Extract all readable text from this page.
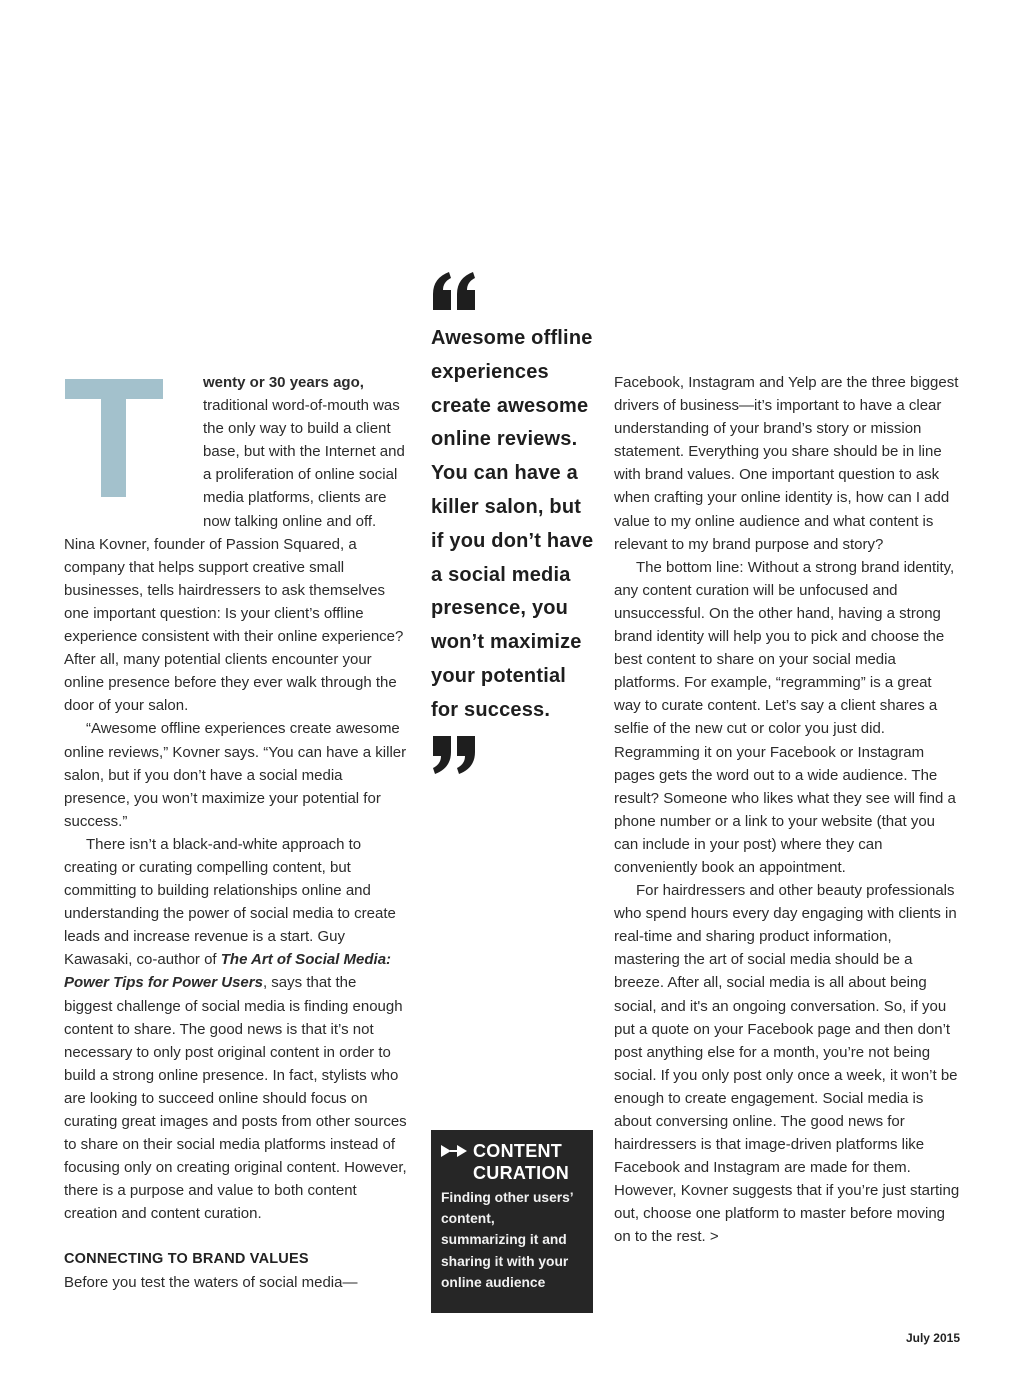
wenty or 30 years ago, traditional word-of-mouth was the only way to build a client base, but with the Internet and a proliferation of online social media platforms, clients are now talking online and off. Nina Kovner, founder of Passion Squared, a company that helps support creative small businesses, tells hairdressers to ask themselves one important question: Is your client’s offline experience consistent with their online experience? After all, many potential clients encounter your online presence before they ever walk through the door of your salon.

“Awesome offline experiences create awesome online reviews,” Kovner says. “You can have a killer salon, but if you don’t have a social media presence, you won’t maximize your potential for success.”

There isn’t a black-and-white approach to creating or curating compelling content, but committing to building relationships online and understanding the power of social media to create leads and increase revenue is a start. Guy Kawasaki, co-author of The Art of Social Media: Power Tips for Power Users, says that the biggest challenge of social media is finding enough content to share. The good news is that it’s not necessary to only post original content in order to build a strong online presence. In fact, stylists who are looking to succeed online should focus on curating great images and posts from other sources to share on their social media platforms instead of focusing only on creating original content. However, there is a purpose and value to both content creation and content curation.

CONNECTING TO BRAND VALUES

Before you test the waters of social media—

Awesome offline experiences create awesome online reviews. You can have a killer salon, but if you don’t have a social media presence, you won’t maximize your potential for success.

CONTENT CURATION
Finding other users’ content, summarizing it and sharing it with your online audience

Facebook, Instagram and Yelp are the three biggest drivers of business—it’s important to have a clear understanding of your brand’s story or mission statement. Everything you share should be in line with brand values. One important question to ask when crafting your online identity is, how can I add value to my online audience and what content is relevant to my brand purpose and story?

The bottom line: Without a strong brand identity, any content curation will be unfocused and unsuccessful. On the other hand, having a strong brand identity will help you to pick and choose the best content to share on your social media platforms. For example, “regramming” is a great way to curate content. Let’s say a client shares a selfie of the new cut or color you just did. Regramming it on your Facebook or Instagram pages gets the word out to a wide audience. The result? Someone who likes what they see will find a phone number or a link to your website (that you can include in your post) where they can conveniently book an appointment.

For hairdressers and other beauty professionals who spend hours every day engaging with clients in real-time and sharing product information, mastering the art of social media should be a breeze. After all, social media is all about being social, and it's an ongoing conversation. So, if you put a quote on your Facebook page and then don’t post anything else for a month, you’re not being social. If you only post only once a week, it won’t be enough to create engagement. Social media is about conversing online. The good news for hairdressers is that image-driven platforms like Facebook and Instagram are made for them. However, Kovner suggests that if you’re just starting out, choose one platform to master before moving on to the rest. >

July 2015
